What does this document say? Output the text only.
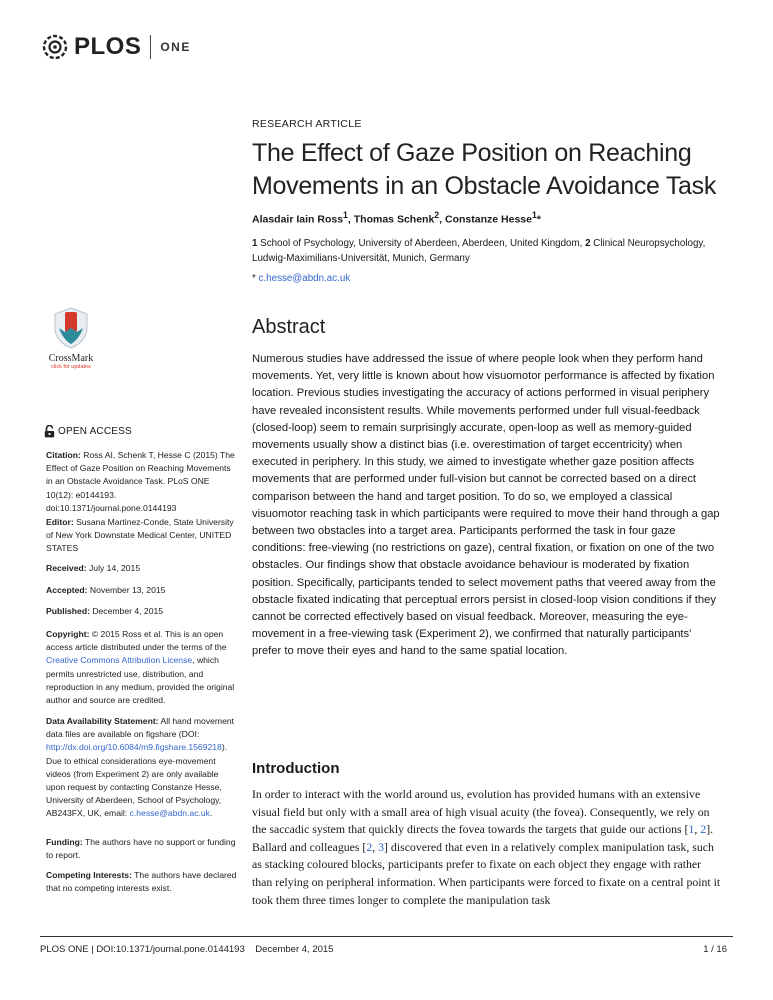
PLOS ONE
RESEARCH ARTICLE
The Effect of Gaze Position on Reaching Movements in an Obstacle Avoidance Task
Alasdair Iain Ross$^1$, Thomas Schenk$^2$, Constanze Hesse$^1$*
1 School of Psychology, University of Aberdeen, Aberdeen, United Kingdom, 2 Clinical Neuropsychology, Ludwig-Maximilians-Universität, Munich, Germany
* c.hesse@abdn.ac.uk
CrossMark
click for updates
OPEN ACCESS
Citation: Ross AI, Schenk T, Hesse C (2015) The Effect of Gaze Position on Reaching Movements in an Obstacle Avoidance Task. PLoS ONE 10(12): e0144193. doi:10.1371/journal.pone.0144193
Editor: Susana Martinez-Conde, State University of New York Downstate Medical Center, UNITED STATES
Received: July 14, 2015
Accepted: November 13, 2015
Published: December 4, 2015
Copyright: © 2015 Ross et al. This is an open access article distributed under the terms of the Creative Commons Attribution License, which permits unrestricted use, distribution, and reproduction in any medium, provided the original author and source are credited.
Data Availability Statement: All hand movement data files are available on figshare (DOI: http://dx.doi.org/10.6084/m9.figshare.1569218). Due to ethical considerations eye-movement videos (from Experiment 2) are only available upon request by contacting Constanze Hesse, University of Aberdeen, School of Psychology, AB243FX, UK, email: c.hesse@abdn.ac.uk.
Funding: The authors have no support or funding to report.
Competing Interests: The authors have declared that no competing interests exist.
Abstract
Numerous studies have addressed the issue of where people look when they perform hand movements. Yet, very little is known about how visuomotor performance is affected by fixation location. Previous studies investigating the accuracy of actions performed in visual periphery have revealed inconsistent results. While movements performed under full visual-feedback (closed-loop) seem to remain surprisingly accurate, open-loop as well as memory-guided movements usually show a distinct bias (i.e. overestimation of target eccentricity) when executed in periphery. In this study, we aimed to investigate whether gaze position affects movements that are performed under full-vision but cannot be corrected based on a direct comparison between the hand and target position. To do so, we employed a classical visuomotor reaching task in which participants were required to move their hand through a gap between two obstacles into a target area. Participants performed the task in four gaze conditions: free-viewing (no restrictions on gaze), central fixation, or fixation on one of the two obstacles. Our findings show that obstacle avoidance behaviour is moderated by fixation position. Specifically, participants tended to select movement paths that veered away from the obstacle fixated indicating that perceptual errors persist in closed-loop vision conditions if they cannot be corrected effectively based on visual feedback. Moreover, measuring the eye-movement in a free-viewing task (Experiment 2), we confirmed that naturally participants' prefer to move their eyes and hand to the same spatial location.
Introduction
In order to interact with the world around us, evolution has provided humans with an extensive visual field but only with a small area of high visual acuity (the fovea). Consequently, we rely on the saccadic system that quickly directs the fovea towards the targets that guide our actions [1, 2]. Ballard and colleagues [2, 3] discovered that even in a relatively complex manipulation task, such as stacking coloured blocks, participants prefer to fixate on each object they engage with rather than relying on peripheral information. When participants were forced to fixate on a central point it took them three times longer to complete the manipulation task
PLOS ONE | DOI:10.1371/journal.pone.0144193    December 4, 2015	1 / 16
